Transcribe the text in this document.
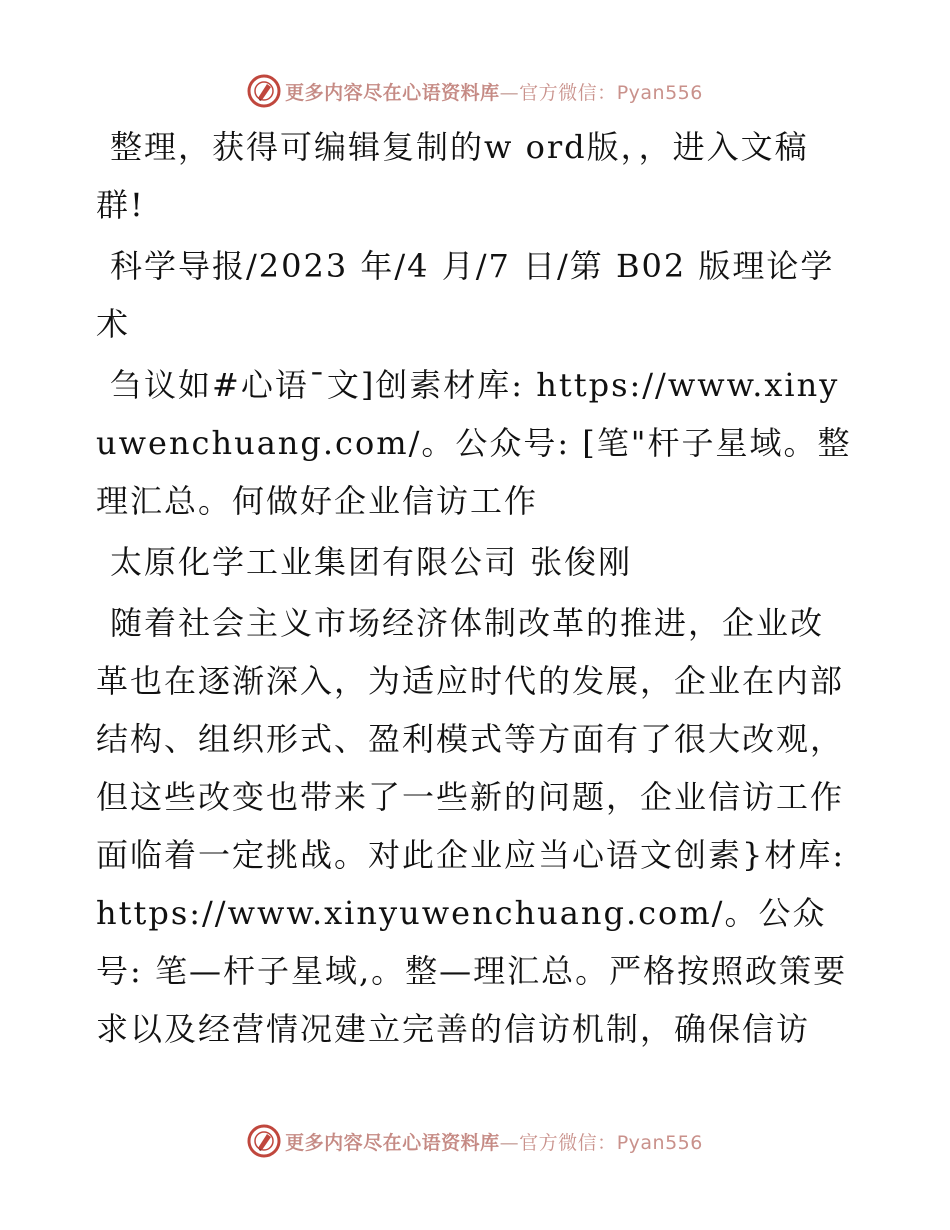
更多内容尽在心语资料库—官方微信：Pyan556

整理，获得可编辑复制的w ord版，，进入文稿群!

科学导报/2023 年/4 月/7 日/第 B02 版理论学术

刍议如#心语¯文]创素材库: https://www.xinyuwenchuang.com/。公众号: [笔"杆子星域。整理汇总。何做好企业信访工作

太原化学工业集团有限公司 张俊刚

随着社会主义市场经济体制改革的推进，企业改革也在逐渐深入，为适应时代的发展，企业在内部结构、组织形式、盈利模式等方面有了很大改观，但这些改变也带来了一些新的问题，企业信访工作面临着一定挑战。对此企业应当心语文创素}材库: https://www.xinyuwenchuang.com/。公众号: 笔—杆子星域,。整—理汇总。严格按照政策要求以及经营情况建立完善的信访机制，确保信访

更多内容尽在心语资料库—官方微信：Pyan556
